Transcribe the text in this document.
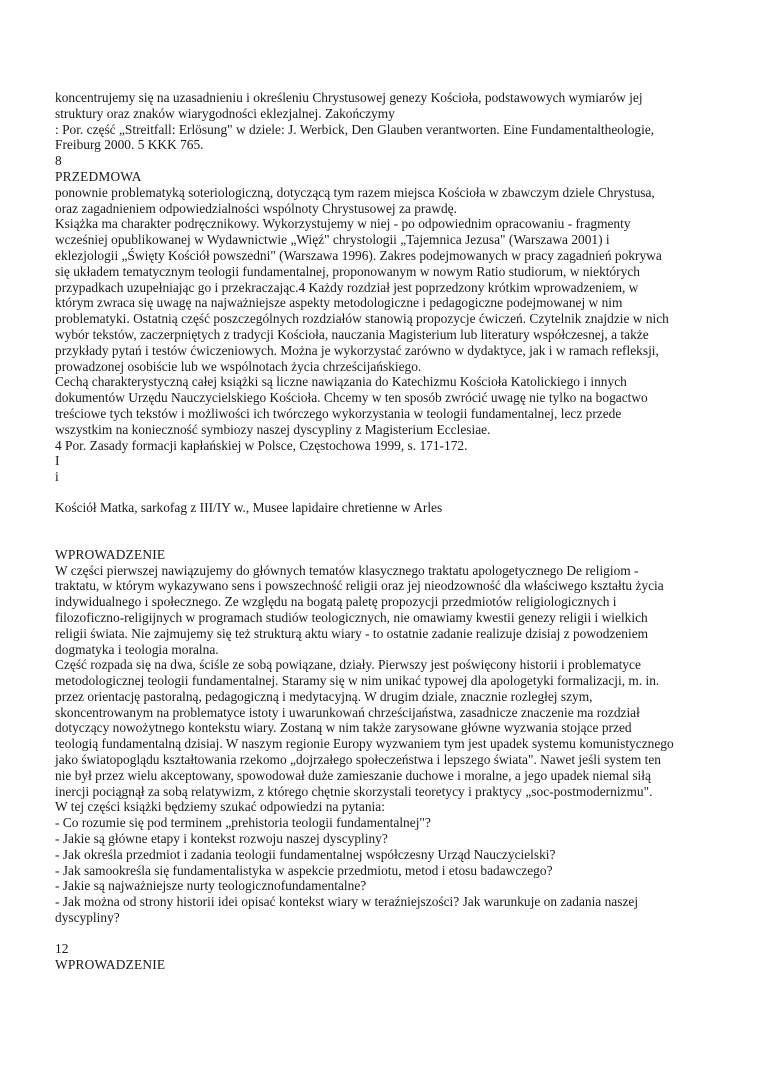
koncentrujemy się na uzasadnieniu i określeniu Chrystusowej genezy Kościoła, podstawowych wymiarów jej
struktury oraz znaków wiarygodności eklezjalnej. Zakończymy

: Por. część „Streitfall: Erlösung" w dziele: J. Werbick, Den Glauben verantworten. Eine Fundamentaltheologie,
Freiburg 2000. 5 KKK 765.

8

PRZEDMOWA

ponownie problematyką soteriologiczną, dotyczącą tym razem miejsca Kościoła w zbawczym dziele Chrystusa,
oraz zagadnieniem odpowiedzialności wspólnoty Chrystusowej za prawdę.

Książka ma charakter podręcznikowy. Wykorzystujemy w niej - po odpowiednim opracowaniu - fragmenty
wcześniej opublikowanej w Wydawnictwie „Więź" chrystologii „Tajemnica Jezusa" (Warszawa 2001) i
eklezjologii „Święty Kościół powszedni" (Warszawa 1996). Zakres podejmowanych w pracy zagadnień pokrywa
się układem tematycznym teologii fundamentalnej, proponowanym w nowym Ratio studiorum, w niektórych
przypadkach uzupełniając go i przekraczając.4 Każdy rozdział jest poprzedzony krótkim wprowadzeniem, w
którym zwraca się uwagę na najważniejsze aspekty metodologiczne i pedagogiczne podejmowanej w nim
problematyki. Ostatnią część poszczególnych rozdziałów stanowią propozycje ćwiczeń. Czytelnik znajdzie w nich
wybór tekstów, zaczerpniętych z tradycji Kościoła, nauczania Magisterium lub literatury współczesnej, a także
przykłady pytań i testów ćwiczeniowych. Można je wykorzystać zarówno w dydaktyce, jak i w ramach refleksji,
prowadzonej osobiście lub we wspólnotach życia chrześcijańskiego.

Cechą charakterystyczną całej książki są liczne nawiązania do Katechizmu Kościoła Katolickiego i innych
dokumentów Urzędu Nauczycielskiego Kościoła. Chcemy w ten sposób zwrócić uwagę nie tylko na bogactwo
treściowe tych tekstów i możliwości ich twórczego wykorzystania w teologii fundamentalnej, lecz przede
wszystkim na konieczność symbiozy naszej dyscypliny z Magisterium Ecclesiae.

4 Por. Zasady formacji kapłańskiej w Polsce, Częstochowa 1999, s. 171-172.

I

i

Kościół Matka, sarkofag z III/IY w., Musee lapidaire chretienne w Arles

WPROWADZENIE

W części pierwszej nawiązujemy do głównych tematów klasycznego traktatu apologetycznego De religiom -
traktatu, w którym wykazywano sens i powszechność religii oraz jej nieodzowność dla właściwego kształtu życia
indywidualnego i społecznego. Ze względu na bogatą paletę propozycji przedmiotów religiologicznych i
filozoficzno-religijnych w programach studiów teologicznych, nie omawiamy kwestii genezy religii i wielkich
religii świata. Nie zajmujemy się też strukturą aktu wiary - to ostatnie zadanie realizuje dzisiaj z powodzeniem
dogmatyka i teologia moralna.

Część rozpada się na dwa, ściśle ze sobą powiązane, działy. Pierwszy jest poświęcony historii i problematyce
metodologicznej teologii fundamentalnej. Staramy się w nim unikać typowej dla apologetyki formalizacji, m. in.
przez orientację pastoralną, pedagogiczną i medytacyjną. W drugim dziale, znacznie rozległej szym,
skoncentrowanym na problematyce istoty i uwarunkowań chrześcijaństwa, zasadnicze znaczenie ma rozdział
dotyczący nowożytnego kontekstu wiary. Zostaną w nim także zarysowane główne wyzwania stojące przed
teologią fundamentalną dzisiaj. W naszym regionie Europy wyzwaniem tym jest upadek systemu komunistycznego
jako światopoglądu kształtowania rzekomo „dojrzałego społeczeństwa i lepszego świata". Nawet jeśli system ten
nie był przez wielu akceptowany, spowodował duże zamieszanie duchowe i moralne, a jego upadek niemal siłą
inercji pociągnął za sobą relatywizm, z którego chętnie skorzystali teoretycy i praktycy „soc-postmodernizmu".

W tej części książki będziemy szukać odpowiedzi na pytania:

- Co rozumie się pod terminem „prehistoria teologii fundamentalnej"?

- Jakie są główne etapy i kontekst rozwoju naszej dyscypliny?

- Jak określa przedmiot i zadania teologii fundamentalnej współczesny Urząd Nauczycielski?

- Jak samookreśla się fundamentalistyka w aspekcie przedmiotu, metod i etosu badawczego?

- Jakie są najważniejsze nurty teologicznofundamentalne?

- Jak można od strony historii idei opisać kontekst wiary w teraźniejszości? Jak warunkuje on zadania naszej
dyscypliny?

12

WPROWADZENIE
